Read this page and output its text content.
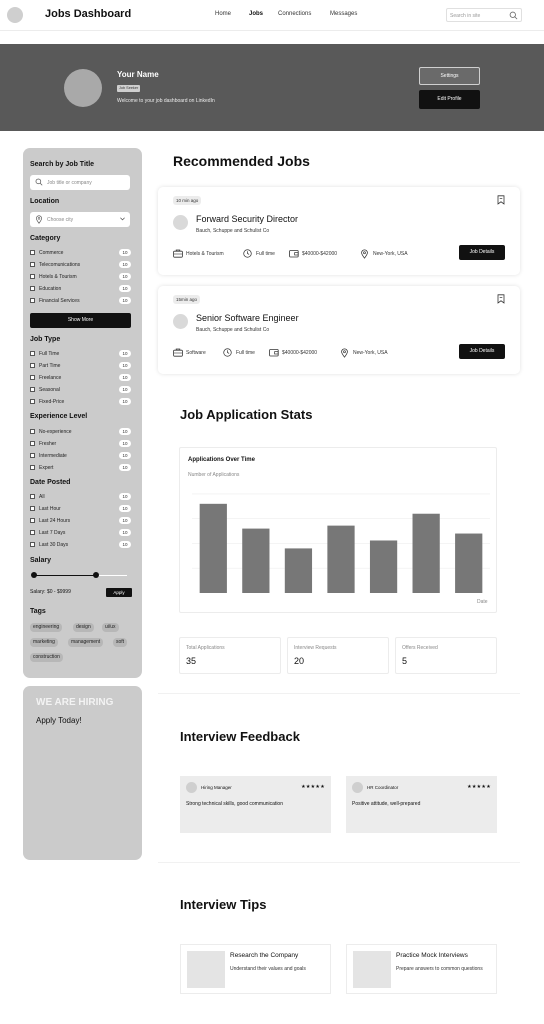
Jobs Dashboard	Home	Jobs Connections	Messages	Search in site
Your Name
Job Seeker
Welcome to your job dashboard on LinkedIn
Settings
Edit Profile
Search by Job Title
Job title or company
Location
Choose city
Category
Commerce	10
Telecomunications	10
Hotels & Tourism	10
Education	10
Financial Services	10
Show More
Job Type
Full Time	10
Part Time	10
Freelance	10
Seasonal	10
Fixed-Price	10
Experience Level
No-experience	10
Fresher	10
Intermediate	10
Expert	10
Date Posted
All	10
Last Hour	10
Last 24 Hours	10
Last 7 Days	10
Last 30 Days	10
Salary
Salary: $0 - $9999	Apply
Tags
engineering	design	ui/ux
marketing	management	soft
construction
WE ARE HIRING
Apply Today!
Recommended Jobs
10 min ago
Forward Security Director
Bauch, Schuppe and Schulist Co
Hotels & Tourism	Full time	$40000-$42000	New-York, USA	Job Details
15min ago
Senior Software Engineer
Bauch, Schuppe and Schulist Co
Software	Full time	$40000-$42000	New-York, USA	Job Details
Job Application Stats
Applications Over Time
Number of Applications
Date
Total Applications
35
Interview Requests
20
Offers Received
5
Interview Feedback
Hiring Manager	★★★★★
Strong technical skills, good communication
HR Coordinator	★★★★★
Positive attitude, well-prepared
Interview Tips
Research the Company
Understand their values and goals
Practice Mock Interviews
Prepare answers to common questions
